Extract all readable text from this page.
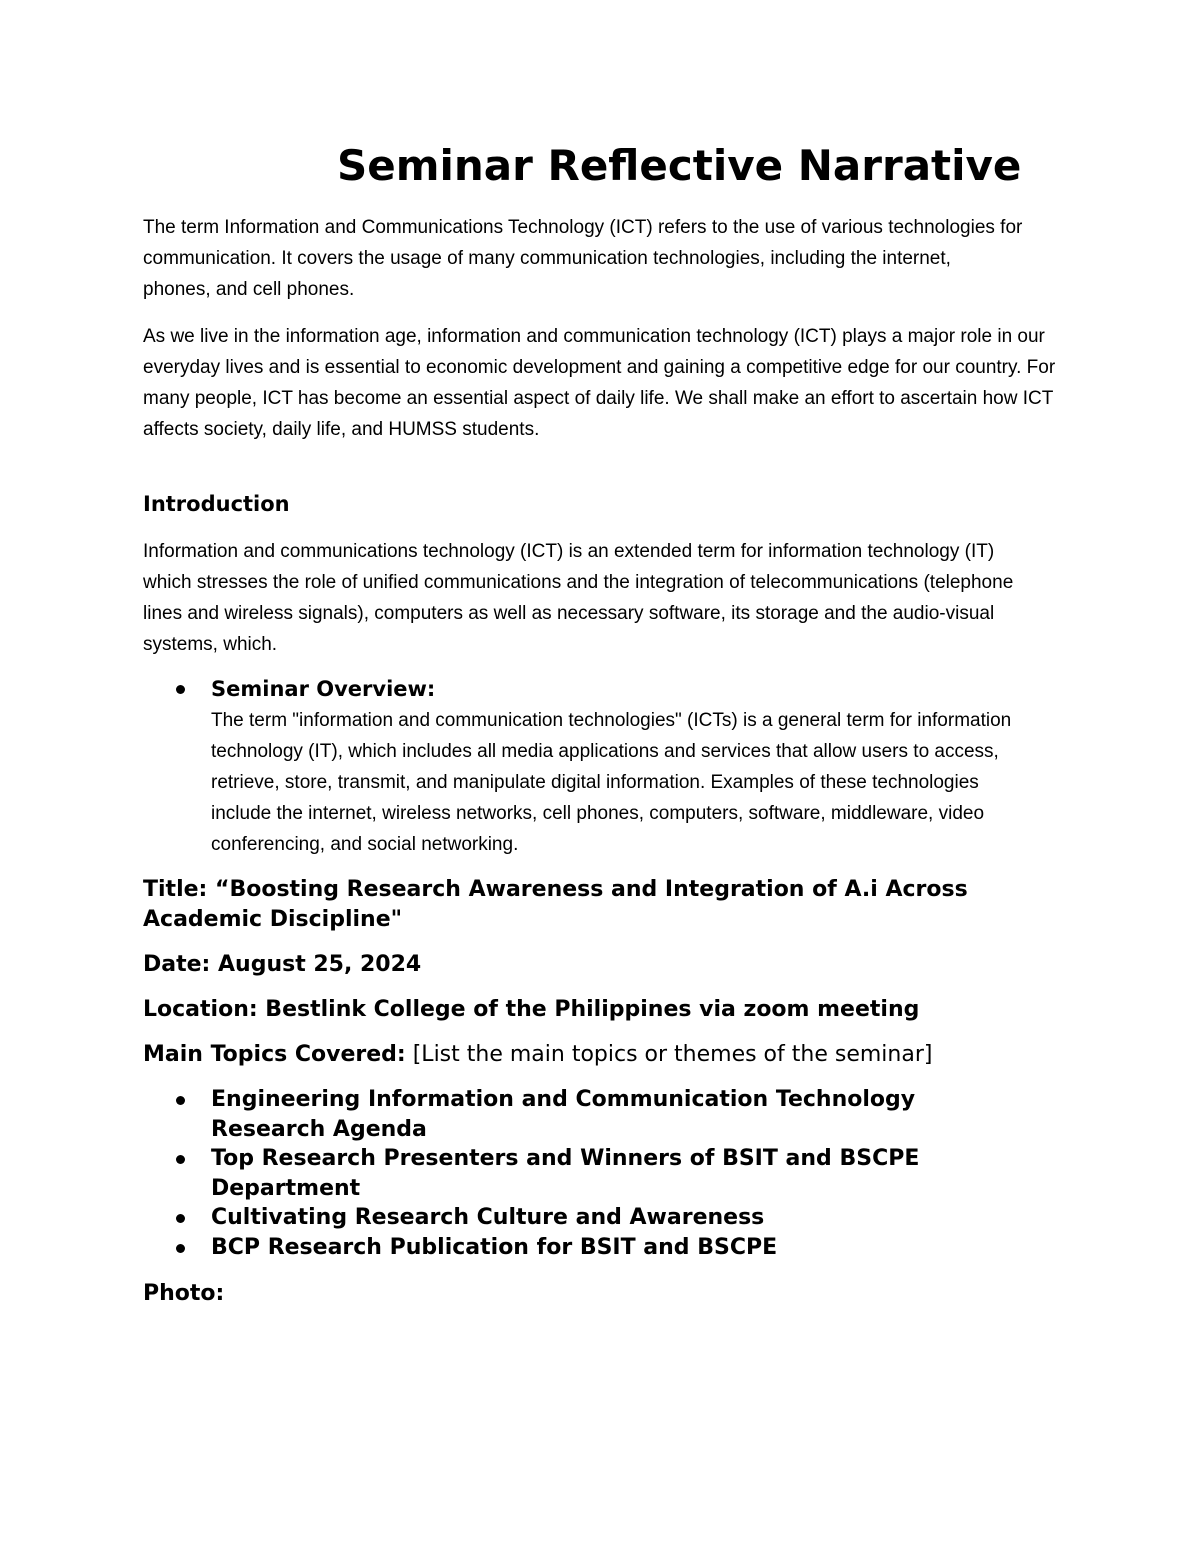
Seminar Reflective Narrative

The term Information and Communications Technology (ICT) refers to the use of various technologies for communication. It covers the usage of many communication technologies, including the internet, phones, and cell phones.

As we live in the information age, information and communication technology (ICT) plays a major role in our everyday lives and is essential to economic development and gaining a competitive edge for our country. For many people, ICT has become an essential aspect of daily life. We shall make an effort to ascertain how ICT affects society, daily life, and HUMSS students.

Introduction

Information and communications technology (ICT) is an extended term for information technology (IT) which stresses the role of unified communications and the integration of telecommunications (telephone lines and wireless signals), computers as well as necessary software, its storage and the audio-visual systems, which.

Seminar Overview:

The term "information and communication technologies" (ICTs) is a general term for information technology (IT), which includes all media applications and services that allow users to access, retrieve, store, transmit, and manipulate digital information. Examples of these technologies include the internet, wireless networks, cell phones, computers, software, middleware, video conferencing, and social networking.

Title: “Boosting Research Awareness and Integration of A.i Across Academic Discipline"

Date: August 25, 2024

Location: Bestlink College of the Philippines via zoom meeting

Main Topics Covered: [List the main topics or themes of the seminar]

Engineering Information and Communication Technology Research Agenda

Top Research Presenters and Winners of BSIT and BSCPE Department

Cultivating Research Culture and Awareness

BCP Research Publication for BSIT and BSCPE

Photo:
